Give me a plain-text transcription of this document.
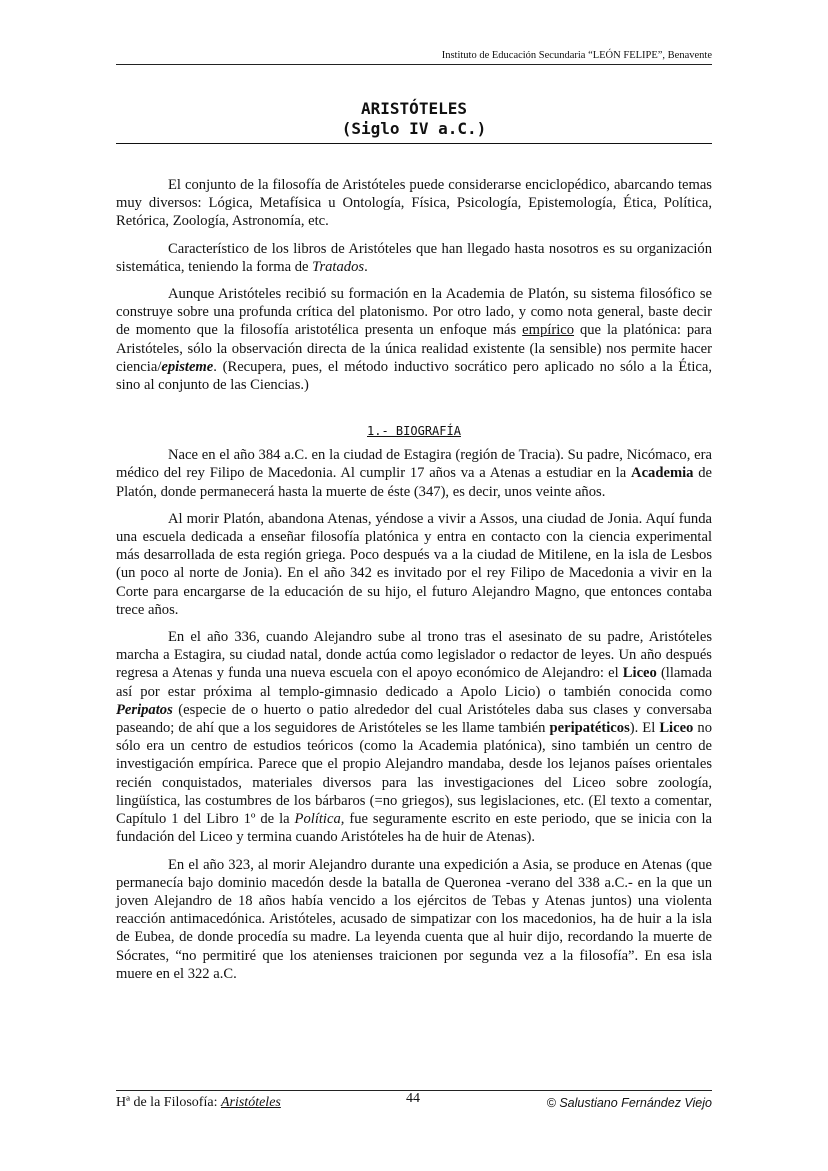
Instituto de Educación Secundaria “LEÓN FELIPE”, Benavente
ARISTÓTELES
(Siglo IV a.C.)

El conjunto de la filosofía de Aristóteles puede considerarse enciclopédico, abarcando temas muy diversos: Lógica, Metafísica u Ontología, Física, Psicología, Epistemología, Ética, Política, Retórica, Zoología, Astronomía, etc.

Característico de los libros de Aristóteles que han llegado hasta nosotros es su organización sistemática, teniendo la forma de Tratados.

Aunque Aristóteles recibió su formación en la Academia de Platón, su sistema filosófico se construye sobre una profunda crítica del platonismo. Por otro lado, y como nota general, baste decir de momento que la filosofía aristotélica presenta un enfoque más empírico que la platónica: para Aristóteles, sólo la observación directa de la única realidad existente (la sensible) nos permite hacer ciencia/episteme. (Recupera, pues, el método inductivo socrático pero aplicado no sólo a la Ética, sino al conjunto de las Ciencias.)

1.- BIOGRAFÍA

Nace en el año 384 a.C. en la ciudad de Estagira (región de Tracia). Su padre, Nicómaco, era médico del rey Filipo de Macedonia. Al cumplir 17 años va a Atenas a estudiar en la Academia de Platón, donde permanecerá hasta la muerte de éste (347), es decir, unos veinte años.

Al morir Platón, abandona Atenas, yéndose a vivir a Assos, una ciudad de Jonia. Aquí funda una escuela dedicada a enseñar filosofía platónica y entra en contacto con la ciencia experimental más desarrollada de esta región griega. Poco después va a la ciudad de Mitilene, en la isla de Lesbos (un poco al norte de Jonia). En el año 342 es invitado por el rey Filipo de Macedonia a vivir en la Corte para encargarse de la educación de su hijo, el futuro Alejandro Magno, que entonces contaba trece años.

En el año 336, cuando Alejandro sube al trono tras el asesinato de su padre, Aristóteles marcha a Estagira, su ciudad natal, donde actúa como legislador o redactor de leyes. Un año después regresa a Atenas y funda una nueva escuela con el apoyo económico de Alejandro: el Liceo (llamada así por estar próxima al templo-gimnasio dedicado a Apolo Licio) o también conocida como Peripatos (especie de o huerto o patio alrededor del cual Aristóteles daba sus clases y conversaba paseando; de ahí que a los seguidores de Aristóteles se les llame también peripatéticos). El Liceo no sólo era un centro de estudios teóricos (como la Academia platónica), sino también un centro de investigación empírica. Parece que el propio Alejandro mandaba, desde los lejanos países orientales recién conquistados, materiales diversos para las investigaciones del Liceo sobre zoología, lingüística, las costumbres de los bárbaros (=no griegos), sus legislaciones, etc. (El texto a comentar, Capítulo 1 del Libro 1º de la Política, fue seguramente escrito en este periodo, que se inicia con la fundación del Liceo y termina cuando Aristóteles ha de huir de Atenas).

En el año 323, al morir Alejandro durante una expedición a Asia, se produce en Atenas (que permanecía bajo dominio macedón desde la batalla de Queronea -verano del 338 a.C.- en la que un joven Alejandro de 18 años había vencido a los ejércitos de Tebas y Atenas juntos) una violenta reacción antimacedónica. Aristóteles, acusado de simpatizar con los macedonios, ha de huir a la isla de Eubea, de donde procedía su madre. La leyenda cuenta que al huir dijo, recordando la muerte de Sócrates, “no permitiré que los atenienses traicionen por segunda vez a la filosofía”. En esa isla muere en el 322 a.C.

Hª de la Filosofía: Aristóteles	44	© Salustiano Fernández Viejo
